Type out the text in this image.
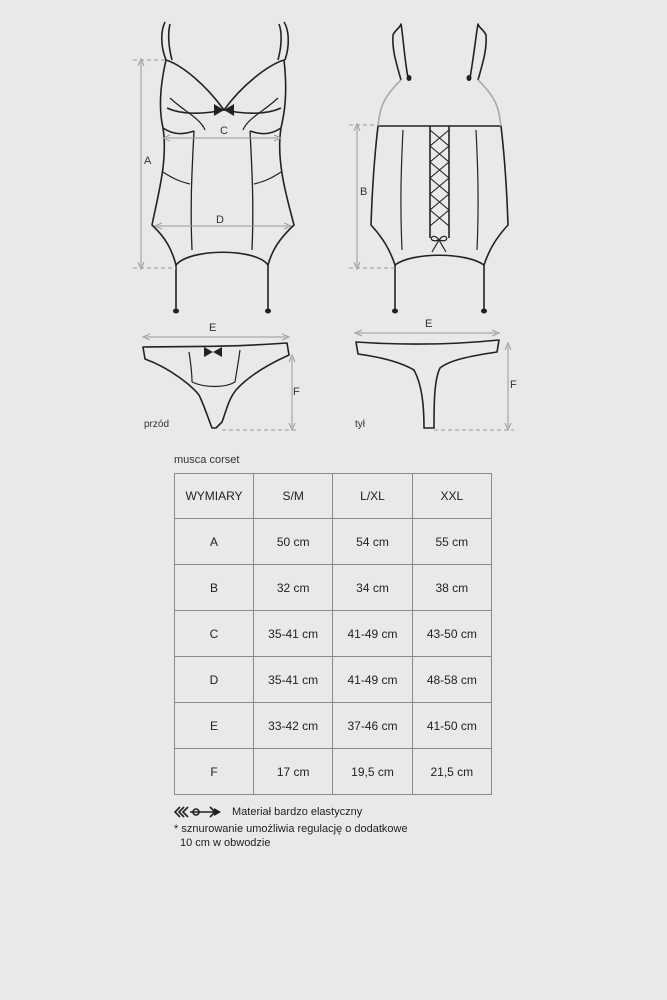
A
C
D
B
E
F
E
F
przód	tył
musca corset
WYMIARY	S/M	L/XL	XXL
A	50 cm	54 cm	55 cm
B	32 cm	34 cm	38 cm
C	35-41 cm	41-49 cm	43-50 cm
D	35-41 cm	41-49 cm	48-58 cm
E	33-42 cm	37-46 cm	41-50 cm
F	17 cm	19,5 cm	21,5 cm
Materiał bardzo elastyczny
* sznurowanie umożliwia regulację o dodatkowe
10 cm w obwodzie
